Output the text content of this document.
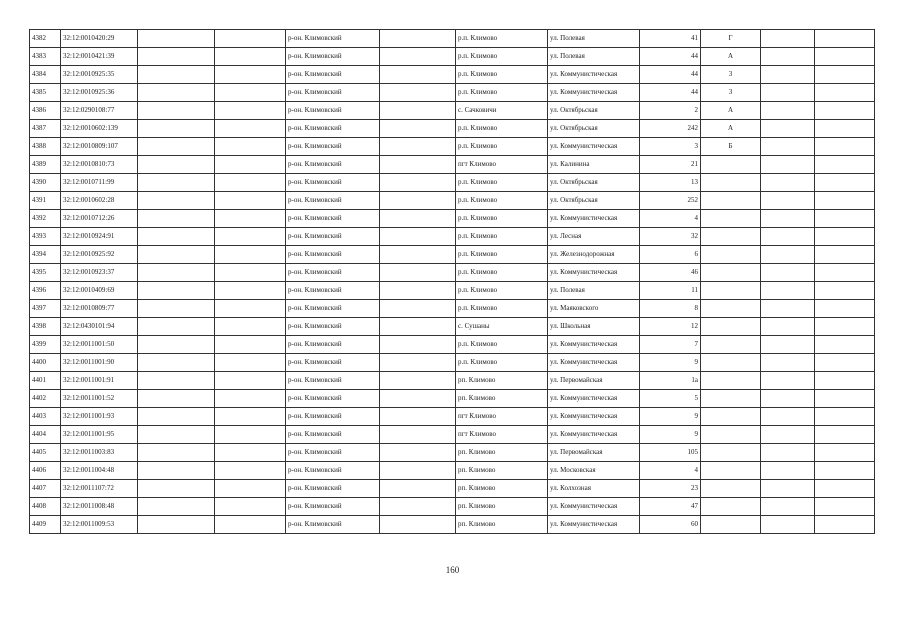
4382	32:12:0010420:29			р-он. Климовский		р.п. Климово	ул. Полевая	41	Г		
4383	32:12:0010421:39			р-он. Климовский		р.п. Климово	ул. Полевая	44	А		
4384	32:12:0010925:35			р-он. Климовский		р.п. Климово	ул. Коммунистическая	44	3		
4385	32:12:0010925:36			р-он. Климовский		р.п. Климово	ул. Коммунистическая	44	3		
4386	32:12:0290108:77			р-он. Климовский		с. Сачковичи	ул. Октябрьская	2	А		
4387	32:12:0010602:139			р-он. Климовский		р.п. Климово	ул. Октябрьская	242	А		
4388	32:12:0010809:107			р-он. Климовский		р.п. Климово	ул. Коммунистическая	3	Б		
4389	32:12:0010810:73			р-он. Климовский		пгт Климово	ул. Калинина	21			
4390	32:12:0010711:99			р-он. Климовский		р.п. Климово	ул. Октябрьская	13			
4391	32:12:0010602:28			р-он. Климовский		р.п. Климово	ул. Октябрьская	252			
4392	32:12:0010712:26			р-он. Климовский		р.п. Климово	ул. Коммунистическая	4			
4393	32:12:0010924:91			р-он. Климовский		р.п. Климово	ул. Лесная	32			
4394	32:12:0010925:92			р-он. Климовский		р.п. Климово	ул. Железнодорожная	6			
4395	32:12:0010923:37			р-он. Климовский		р.п. Климово	ул. Коммунистическая	46			
4396	32:12:0010409:69			р-он. Климовский		р.п. Климово	ул. Полевая	11			
4397	32:12:0010809:77			р-он. Климовский		р.п. Климово	ул. Маяковского	8			
4398	32:12:0430101:94			р-он. Климовский		с. Сушаны	ул. Школьная	12			
4399	32:12:0011001:50			р-он. Климовский		р.п. Климово	ул. Коммунистическая	7			
4400	32:12:0011001:90			р-он. Климовский		р.п. Климово	ул. Коммунистическая	9			
4401	32:12:0011001:91			р-он. Климовский		рп. Климово	ул. Первомайская	1а			
4402	32:12:0011001:52			р-он. Климовский		рп. Климово	ул. Коммунистическая	5			
4403	32:12:0011001:93			р-он. Климовский		пгт Климово	ул. Коммунистическая	9			
4404	32:12:0011001:95			р-он. Климовский		пгт Климово	ул. Коммунистическая	9			
4405	32:12:0011003:83			р-он. Климовский		рп. Климово	ул. Первомайская	105			
4406	32:12:0011004:48			р-он. Климовский		рп. Климово	ул. Московская	4			
4407	32:12:0011107:72			р-он. Климовский		рп. Климово	ул. Колхозная	23			
4408	32:12:0011008:48			р-он. Климовский		рп. Климово	ул. Коммунистическая	47			
4409	32:12:0011009:53			р-он. Климовский		рп. Климово	ул. Коммунистическая	60			
160
